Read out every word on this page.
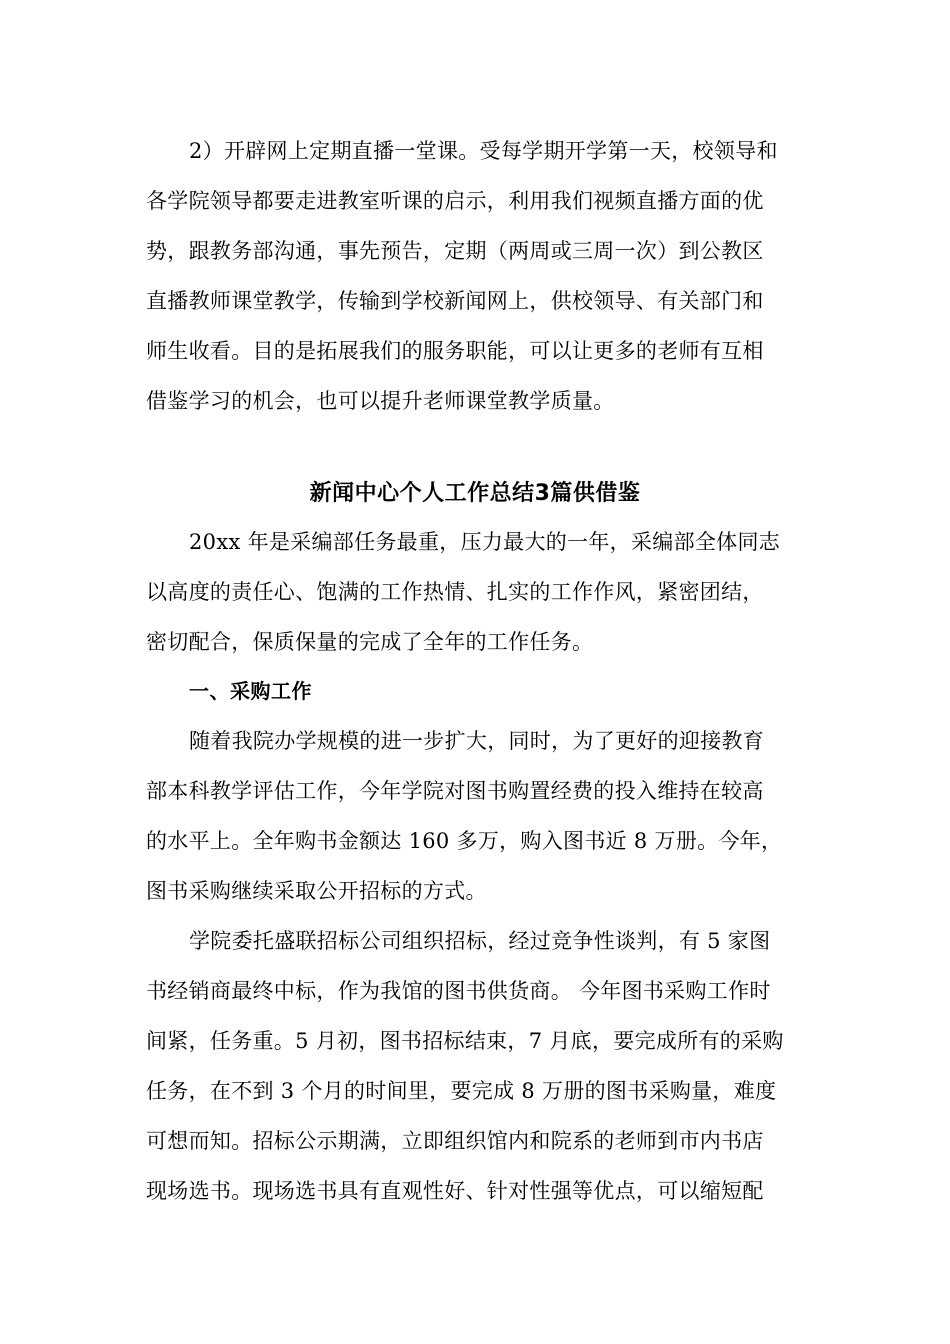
2）开辟网上定期直播一堂课。受每学期开学第一天，校领导和
各学院领导都要走进教室听课的启示，利用我们视频直播方面的优
势，跟教务部沟通，事先预告，定期（两周或三周一次）到公教区
直播教师课堂教学，传输到学校新闻网上，供校领导、有关部门和
师生收看。目的是拓展我们的服务职能，可以让更多的老师有互相
借鉴学习的机会，也可以提升老师课堂教学质量。
新闻中心个人工作总结3篇供借鉴
20xx 年是采编部任务最重，压力最大的一年，采编部全体同志
以高度的责任心、饱满的工作热情、扎实的工作作风，紧密团结，
密切配合，保质保量的完成了全年的工作任务。
一、采购工作
随着我院办学规模的进一步扩大，同时，为了更好的迎接教育
部本科教学评估工作，今年学院对图书购置经费的投入维持在较高
的水平上。全年购书金额达 160 多万，购入图书近 8 万册。今年，
图书采购继续采取公开招标的方式。
学院委托盛联招标公司组织招标，经过竞争性谈判，有 5 家图
书经销商最终中标，作为我馆的图书供货商。 今年图书采购工作时
间紧，任务重。5 月初，图书招标结束，7 月底，要完成所有的采购
任务，在不到 3 个月的时间里，要完成 8 万册的图书采购量，难度
可想而知。招标公示期满，立即组织馆内和院系的老师到市内书店
现场选书。现场选书具有直观性好、针对性强等优点，可以缩短配
